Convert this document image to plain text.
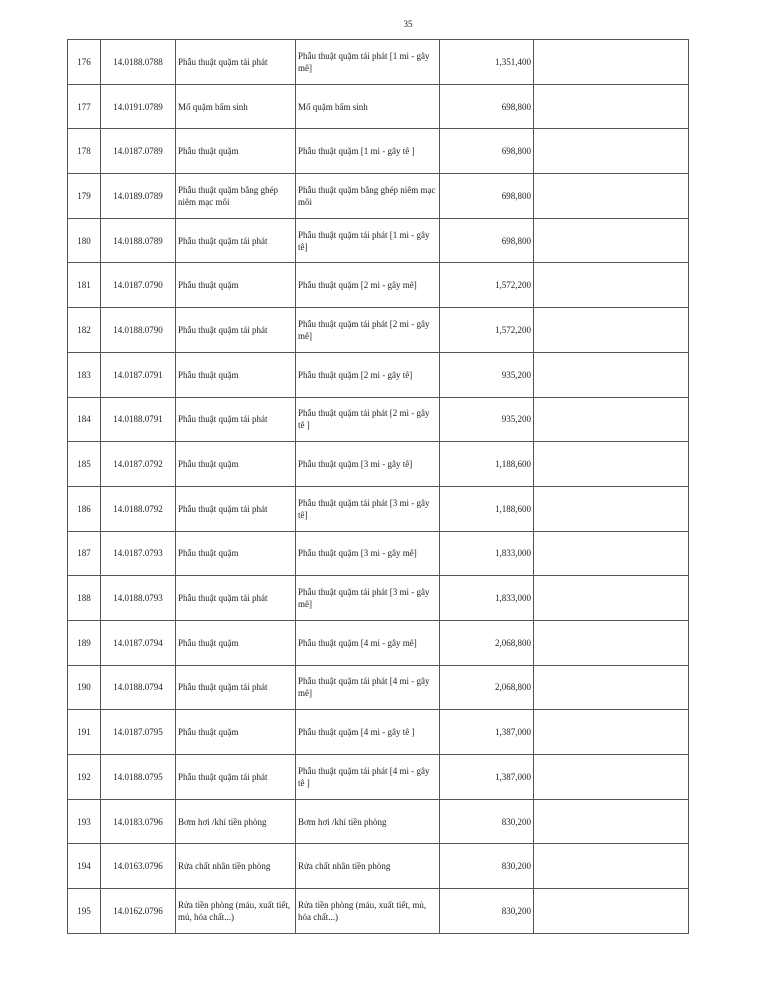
35
176	14.0188.0788	Phẫu thuật quặm tái phát	Phẫu thuật quặm tái phát [1 mi - gây mê]	1,351,400	
177	14.0191.0789	Mổ quặm bẩm sinh	Mổ quặm bẩm sinh	698,800	
178	14.0187.0789	Phẫu thuật quặm	Phẫu thuật quặm [1 mi - gây tê ]	698,800	
179	14.0189.0789	Phẫu thuật quặm bằng ghép niêm mạc môi	Phẫu thuật quặm bằng ghép niêm mạc môi	698,800	
180	14.0188.0789	Phẫu thuật quặm tái phát	Phẫu thuật quặm tái phát [1 mi - gây tê]	698,800	
181	14.0187.0790	Phẫu thuật quặm	Phẫu thuật quặm [2 mi - gây mê]	1,572,200	
182	14.0188.0790	Phẫu thuật quặm tái phát	Phẫu thuật quặm tái phát [2 mi - gây mê]	1,572,200	
183	14.0187.0791	Phẫu thuật quặm	Phẫu thuật quặm [2 mi - gây tê]	935,200	
184	14.0188.0791	Phẫu thuật quặm tái phát	Phẫu thuật quặm tái phát [2 mi - gây tê ]	935,200	
185	14.0187.0792	Phẫu thuật quặm	Phẫu thuật quặm [3 mi - gây tê]	1,188,600	
186	14.0188.0792	Phẫu thuật quặm tái phát	Phẫu thuật quặm tái phát [3 mi - gây tê]	1,188,600	
187	14.0187.0793	Phẫu thuật quặm	Phẫu thuật quặm [3 mi - gây mê]	1,833,000	
188	14.0188.0793	Phẫu thuật quặm tái phát	Phẫu thuật quặm tái phát [3 mi - gây mê]	1,833,000	
189	14.0187.0794	Phẫu thuật quặm	Phẫu thuật quặm [4 mi - gây mê]	2,068,800	
190	14.0188.0794	Phẫu thuật quặm tái phát	Phẫu thuật quặm tái phát [4 mi - gây mê]	2,068,800	
191	14.0187.0795	Phẫu thuật quặm	Phẫu thuật quặm [4 mi - gây tê ]	1,387,000	
192	14.0188.0795	Phẫu thuật quặm tái phát	Phẫu thuật quặm tái phát [4 mi - gây tê ]	1,387,000	
193	14.0183.0796	Bơm hơi /khí tiền phòng	Bơm hơi /khí tiền phòng	830,200	
194	14.0163.0796	Rửa chất nhân tiền phòng	Rửa chất nhân tiền phòng	830,200	
195	14.0162.0796	Rửa tiền phòng (máu, xuất tiết, mủ, hóa chất...)	Rửa tiền phòng (máu, xuất tiết, mủ, hóa chất...)	830,200	
